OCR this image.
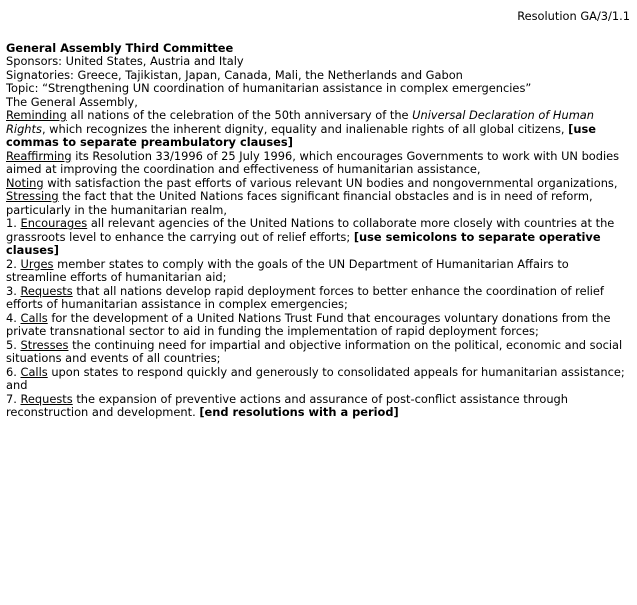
Resolution GA/3/1.1
General Assembly Third Committee
Sponsors: United States, Austria and Italy
Signatories: Greece, Tajikistan, Japan, Canada, Mali, the Netherlands and Gabon
Topic: “Strengthening UN coordination of humanitarian assistance in complex emergencies”

The General Assembly,

Reminding all nations of the celebration of the 50th anniversary of the Universal Declaration of Human Rights, which recognizes the inherent dignity, equality and inalienable rights of all global citizens, [use commas to separate preambulatory clauses]

Reaffirming its Resolution 33/1996 of 25 July 1996, which encourages Governments to work with UN bodies aimed at improving the coordination and effectiveness of humanitarian assistance,

Noting with satisfaction the past efforts of various relevant UN bodies and nongovernmental organizations,

Stressing the fact that the United Nations faces significant financial obstacles and is in need of reform, particularly in the humanitarian realm,

1. Encourages all relevant agencies of the United Nations to collaborate more closely with countries at the grassroots level to enhance the carrying out of relief efforts; [use semicolons to separate operative clauses]

2. Urges member states to comply with the goals of the UN Department of Humanitarian Affairs to streamline efforts of humanitarian aid;

3. Requests that all nations develop rapid deployment forces to better enhance the coordination of relief efforts of humanitarian assistance in complex emergencies;

4. Calls for the development of a United Nations Trust Fund that encourages voluntary donations from the private transnational sector to aid in funding the implementation of rapid deployment forces;

5. Stresses the continuing need for impartial and objective information on the political, economic and social situations and events of all countries;

6. Calls upon states to respond quickly and generously to consolidated appeals for humanitarian assistance; and

7. Requests the expansion of preventive actions and assurance of post-conflict assistance through reconstruction and development. [end resolutions with a period]
